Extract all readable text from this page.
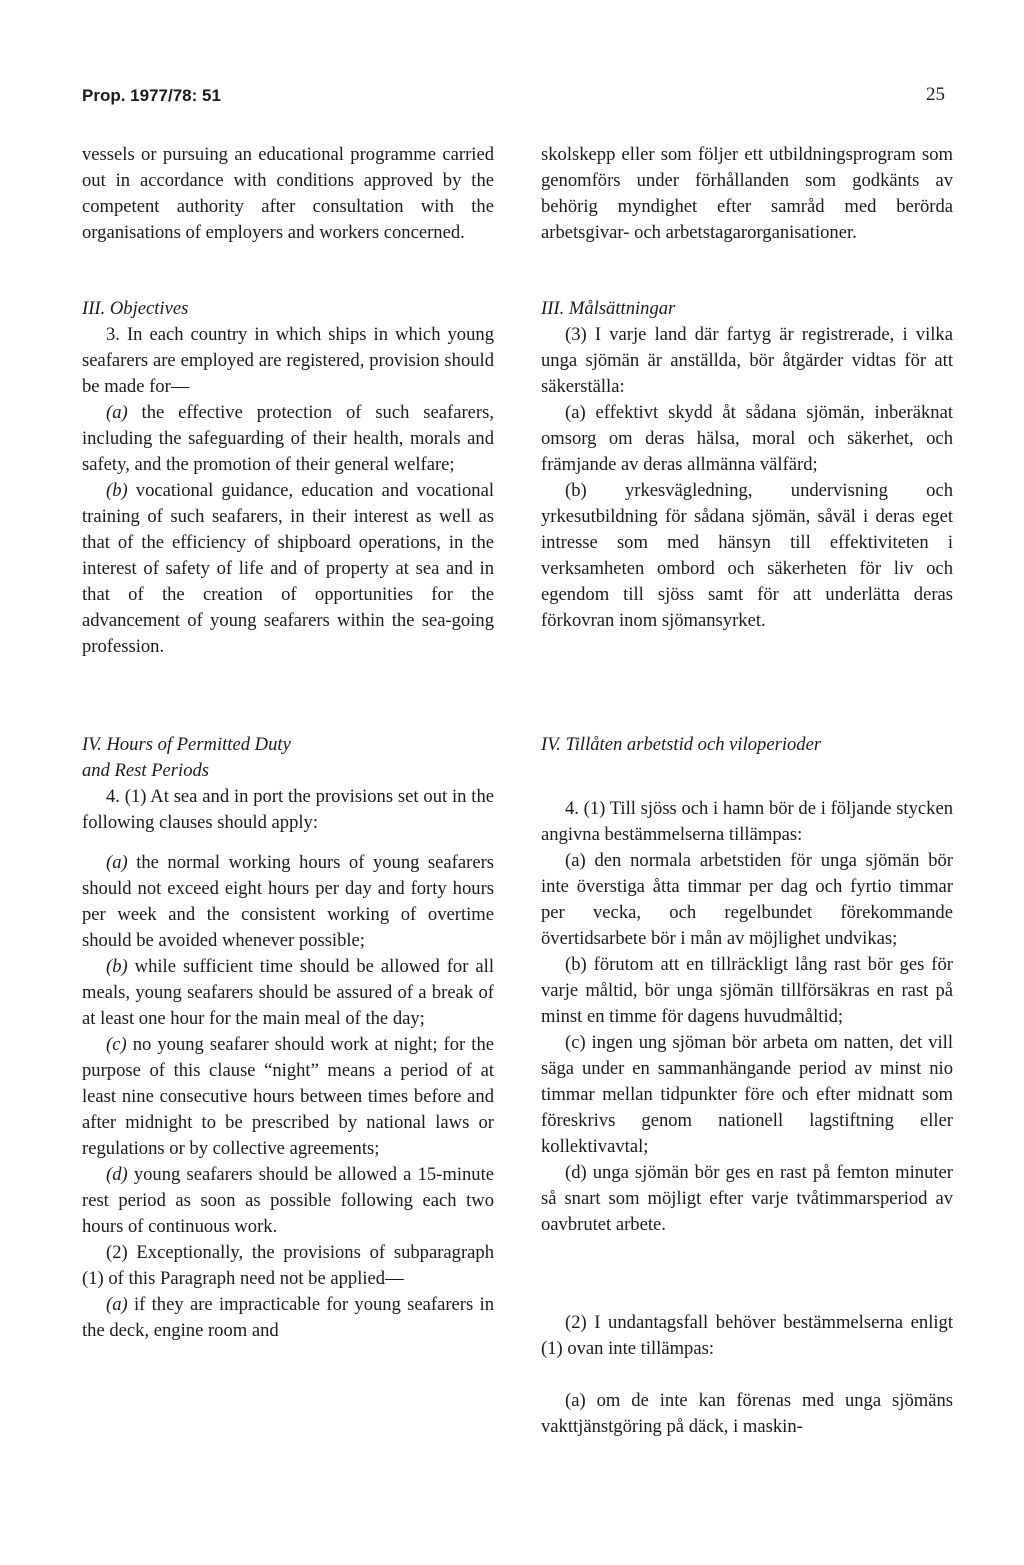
Prop. 1977/78: 51	25

vessels or pursuing an educational programme carried out in accordance with conditions approved by the competent authority after consultation with the organisations of employers and workers concerned.

III. Objectives

3. In each country in which ships in which young seafarers are employed are registered, provision should be made for—

(a) the effective protection of such seafarers, including the safeguarding of their health, morals and safety, and the promotion of their general welfare;

(b) vocational guidance, education and vocational training of such seafarers, in their interest as well as that of the efficiency of shipboard operations, in the interest of safety of life and of property at sea and in that of the creation of opportunities for the advancement of young seafarers within the sea-going profession.

IV. Hours of Permitted Duty

and Rest Periods

4. (1) At sea and in port the provisions set out in the following clauses should apply:

(a) the normal working hours of young seafarers should not exceed eight hours per day and forty hours per week and the consistent working of overtime should be avoided whenever possible;

(b) while sufficient time should be allowed for all meals, young seafarers should be assured of a break of at least one hour for the main meal of the day;

(c) no young seafarer should work at night; for the purpose of this clause “night” means a period of at least nine consecutive hours between times before and after midnight to be prescribed by national laws or regulations or by collective agreements;

(d) young seafarers should be allowed a 15-minute rest period as soon as possible following each two hours of continuous work.

(2) Exceptionally, the provisions of subparagraph (1) of this Paragraph need not be applied—

(a) if they are impracticable for young seafarers in the deck, engine room and

skolskepp eller som följer ett utbildningsprogram som genomförs under förhållanden som godkänts av behörig myndighet efter samråd med berörda arbetsgivar- och arbetstagarorganisationer.

III. Målsättningar

(3) I varje land där fartyg är registrerade, i vilka unga sjömän är anställda, bör åtgärder vidtas för att säkerställa:

(a) effektivt skydd åt sådana sjömän, inberäknat omsorg om deras hälsa, moral och säkerhet, och främjande av deras allmänna välfärd;

(b) yrkesvägledning, undervisning och yrkesutbildning för sådana sjömän, såväl i deras eget intresse som med hänsyn till effektiviteten i verksamheten ombord och säkerheten för liv och egendom till sjöss samt för att underlätta deras förkovran inom sjömansyrket.

IV. Tillåten arbetstid och viloperioder

4. (1) Till sjöss och i hamn bör de i följande stycken angivna bestämmelserna tillämpas:

(a) den normala arbetstiden för unga sjömän bör inte överstiga åtta timmar per dag och fyrtio timmar per vecka, och regelbundet förekommande övertidsarbete bör i mån av möjlighet undvikas;

(b) förutom att en tillräckligt lång rast bör ges för varje måltid, bör unga sjömän tillförsäkras en rast på minst en timme för dagens huvudmåltid;

(c) ingen ung sjöman bör arbeta om natten, det vill säga under en sammanhängande period av minst nio timmar mellan tidpunkter före och efter midnatt som föreskrivs genom nationell lagstiftning eller kollektivavtal;

(d) unga sjömän bör ges en rast på femton minuter så snart som möjligt efter varje tvåtimmarsperiod av oavbrutet arbete.

(2) I undantagsfall behöver bestämmelserna enligt (1) ovan inte tillämpas:

(a) om de inte kan förenas med unga sjömäns vakttjänstgöring på däck, i maskin-
